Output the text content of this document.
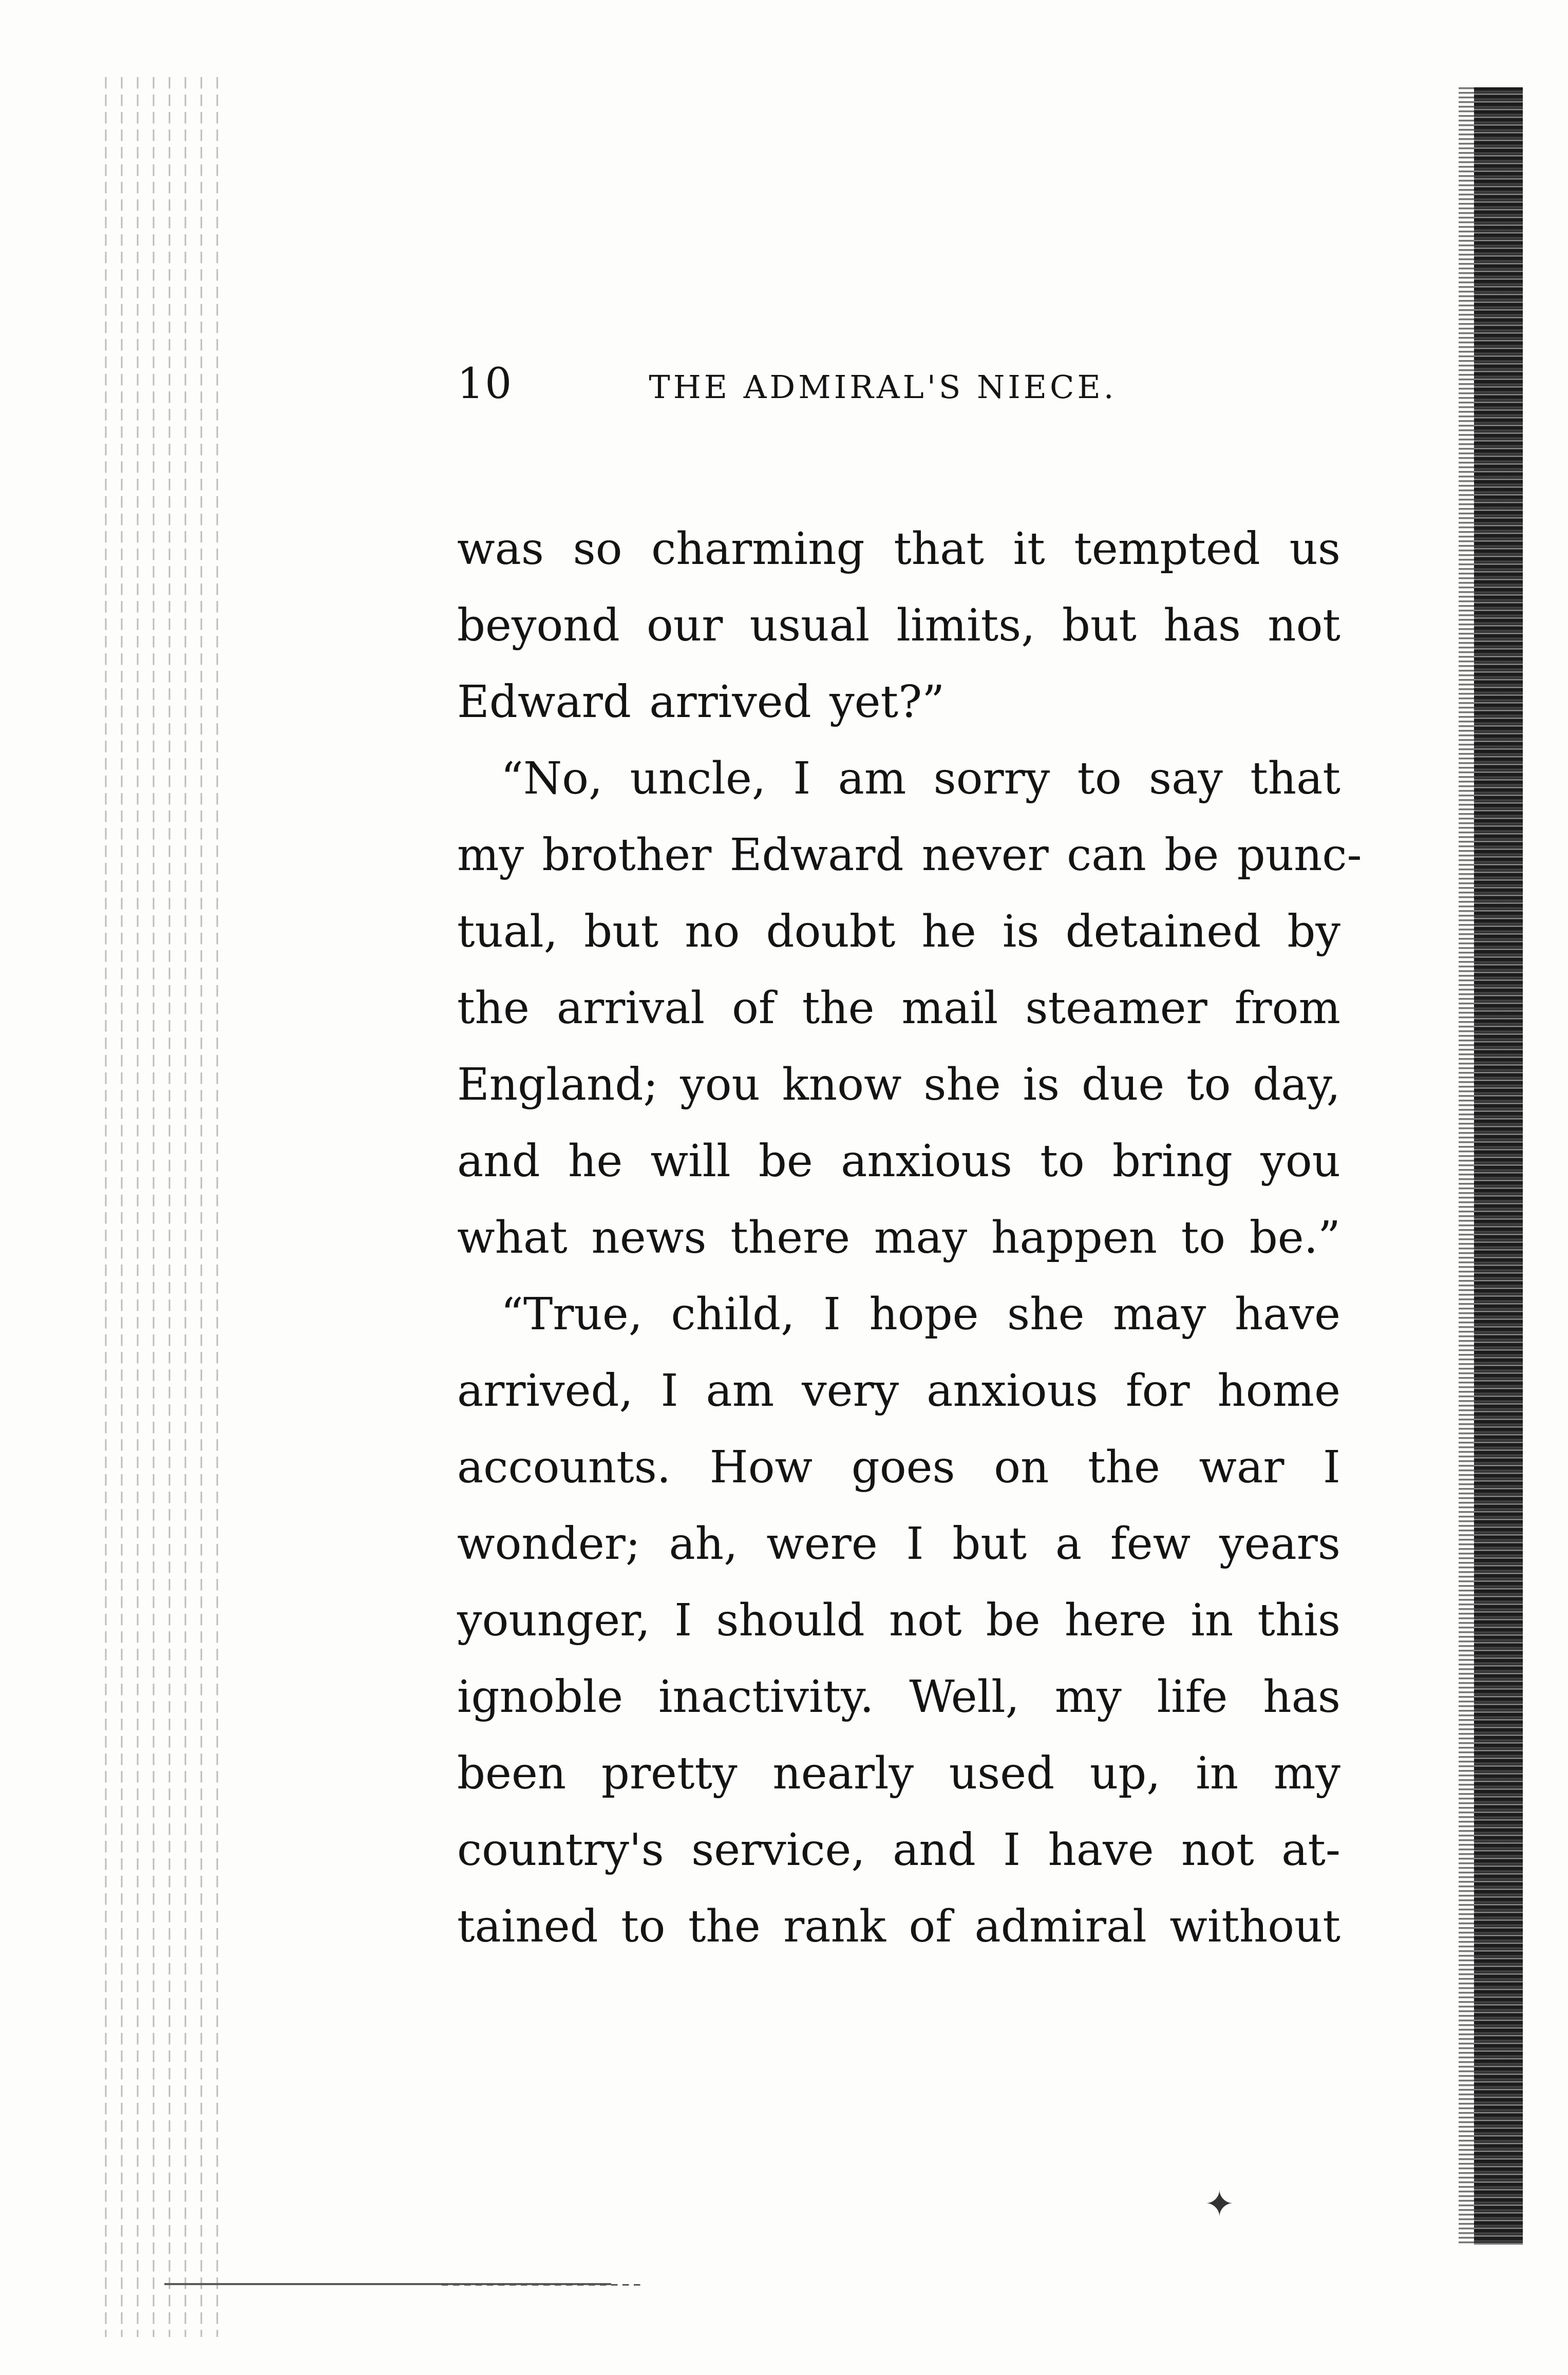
10	THE ADMIRAL'S NIECE.
was so charming that it tempted us
beyond our usual limits, but has not
Edward arrived yet?”
“No, uncle, I am sorry to say that
my brother Edward never can be punc-
tual, but no doubt he is detained by
the arrival of the mail steamer from
England; you know she is due to day,
and he will be anxious to bring you
what news there may happen to be.”
“True, child, I hope she may have
arrived, I am very anxious for home
accounts. How goes on the war I
wonder; ah, were I but a few years
younger, I should not be here in this
ignoble inactivity. Well, my life has
been pretty nearly used up, in my
country's service, and I have not at-
tained to the rank of admiral without
✦
